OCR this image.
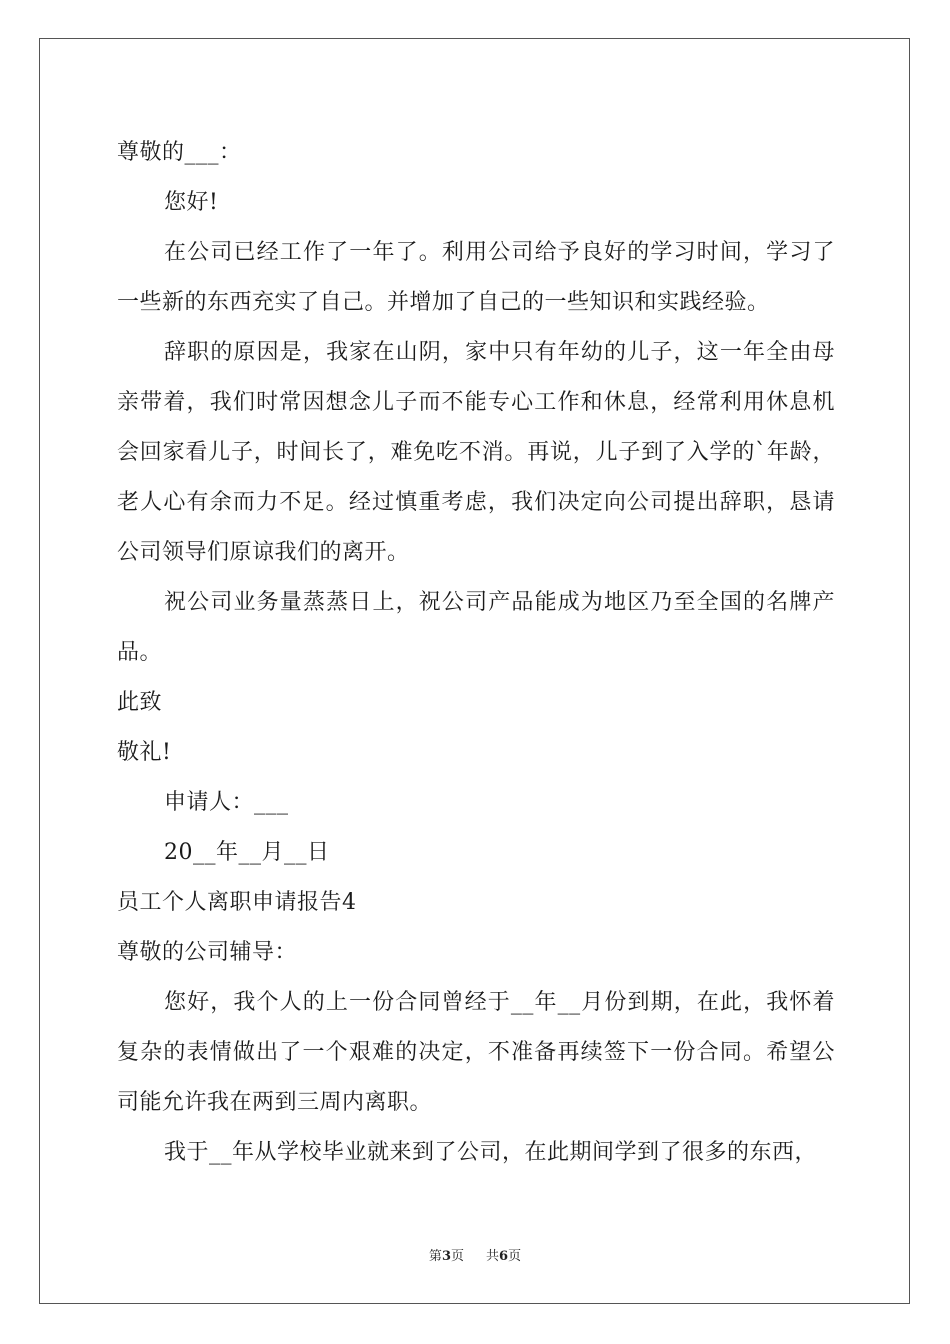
尊敬的___：

您好!

在公司已经工作了一年了。利用公司给予良好的学习时间，学习了一些新的东西充实了自己。并增加了自己的一些知识和实践经验。

辞职的原因是，我家在山阴，家中只有年幼的儿子，这一年全由母亲带着，我们时常因想念儿子而不能专心工作和休息，经常利用休息机会回家看儿子，时间长了，难免吃不消。再说，儿子到了入学的`年龄，老人心有余而力不足。经过慎重考虑，我们决定向公司提出辞职，恳请公司领导们原谅我们的离开。

祝公司业务量蒸蒸日上，祝公司产品能成为地区乃至全国的名牌产品。

此致

敬礼!

申请人：___

20__年__月__日

员工个人离职申请报告4

尊敬的公司辅导：

您好，我个人的上一份合同曾经于__年__月份到期，在此，我怀着复杂的表情做出了一个艰难的决定，不准备再续签下一份合同。希望公司能允许我在两到三周内离职。

我于__年从学校毕业就来到了公司，在此期间学到了很多的东西，

第3页 共6页
